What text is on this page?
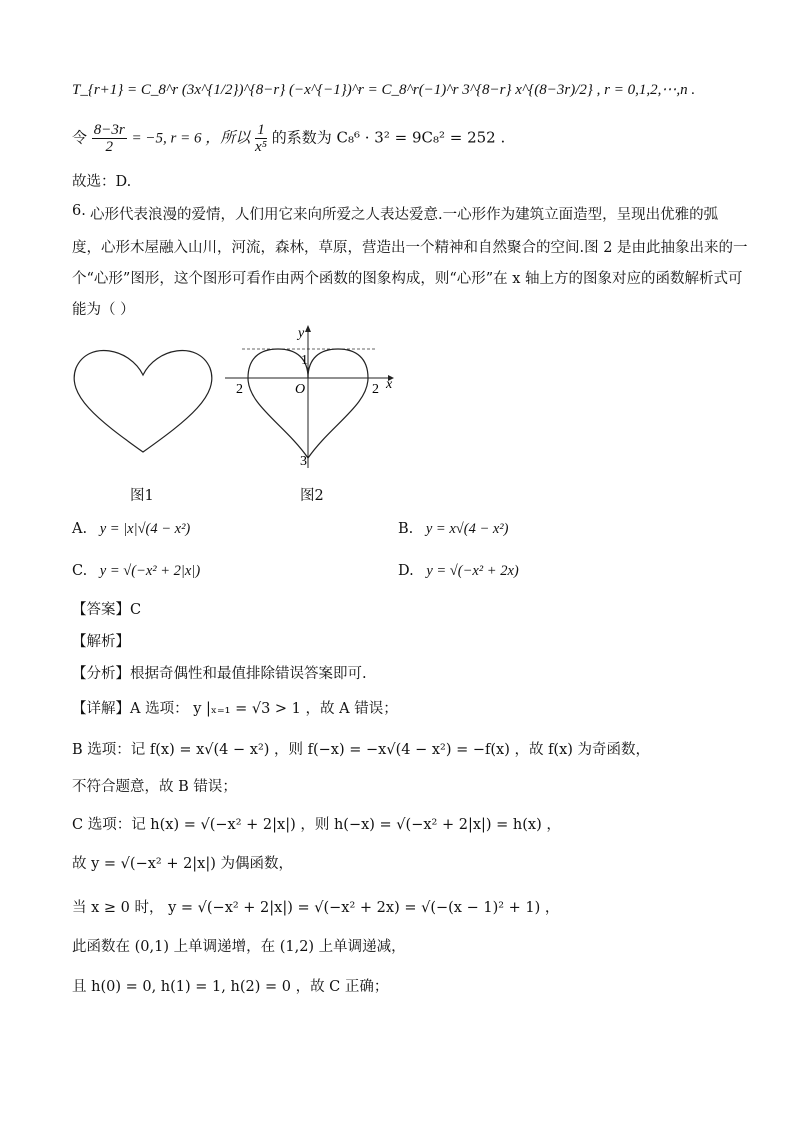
T_{r+1} = C_8^r (3x^{1/2})^{8−r} (−x^{−1})^r = C_8^r(−1)^r 3^{8−r} x^{(8−3r)/2} , r = 0,1,2,⋯,n .
令 $\frac{8-3r}{2} = -5$, r = 6 ，所以 $\frac{1}{\text{x⁵}}$ 的系数为 C₈⁶ · 3² = 9C₈² = 252 .
故选：D.
6. 心形代表浪漫的爱情，人们用它来向所爱之人表达爱意.一心形作为建筑立面造型，呈现出优雅的弧
度，心形木屋融入山川，河流，森林，草原，营造出一个精神和自然聚合的空间.图 2 是由此抽象出来的一
个“心形”图形，这个图形可看作由两个函数的图象构成，则“心形”在 x 轴上方的图象对应的函数解析式可
能为（ ）
图1
y
x
O
2	2
1
3
图2
A. y = |x|√(4 − x²)	B. y = x√(4 − x²)
C. y = √(−x² + 2|x|)	D. y = √(−x² + 2x)
【答案】C
【解析】
【分析】根据奇偶性和最值排除错误答案即可.
【详解】A 选项： y |ₓ₌₁ = √3 > 1 ，故 A 错误；
B 选项：记 f(x) = x√(4 − x²) ，则 f(−x) = −x√(4 − x²) = −f(x) ，故 f(x) 为奇函数，
不符合题意，故 B 错误；
C 选项：记 h(x) = √(−x² + 2|x|) ，则 h(−x) = √(−x² + 2|x|) = h(x) ，
故 y = √(−x² + 2|x|) 为偶函数，
当 x ≥ 0 时， y = √(−x² + 2|x|) = √(−x² + 2x) = √(−(x − 1)² + 1) ，
此函数在 (0,1) 上单调递增，在 (1,2) 上单调递减，
且 h(0) = 0, h(1) = 1, h(2) = 0 ，故 C 正确；
